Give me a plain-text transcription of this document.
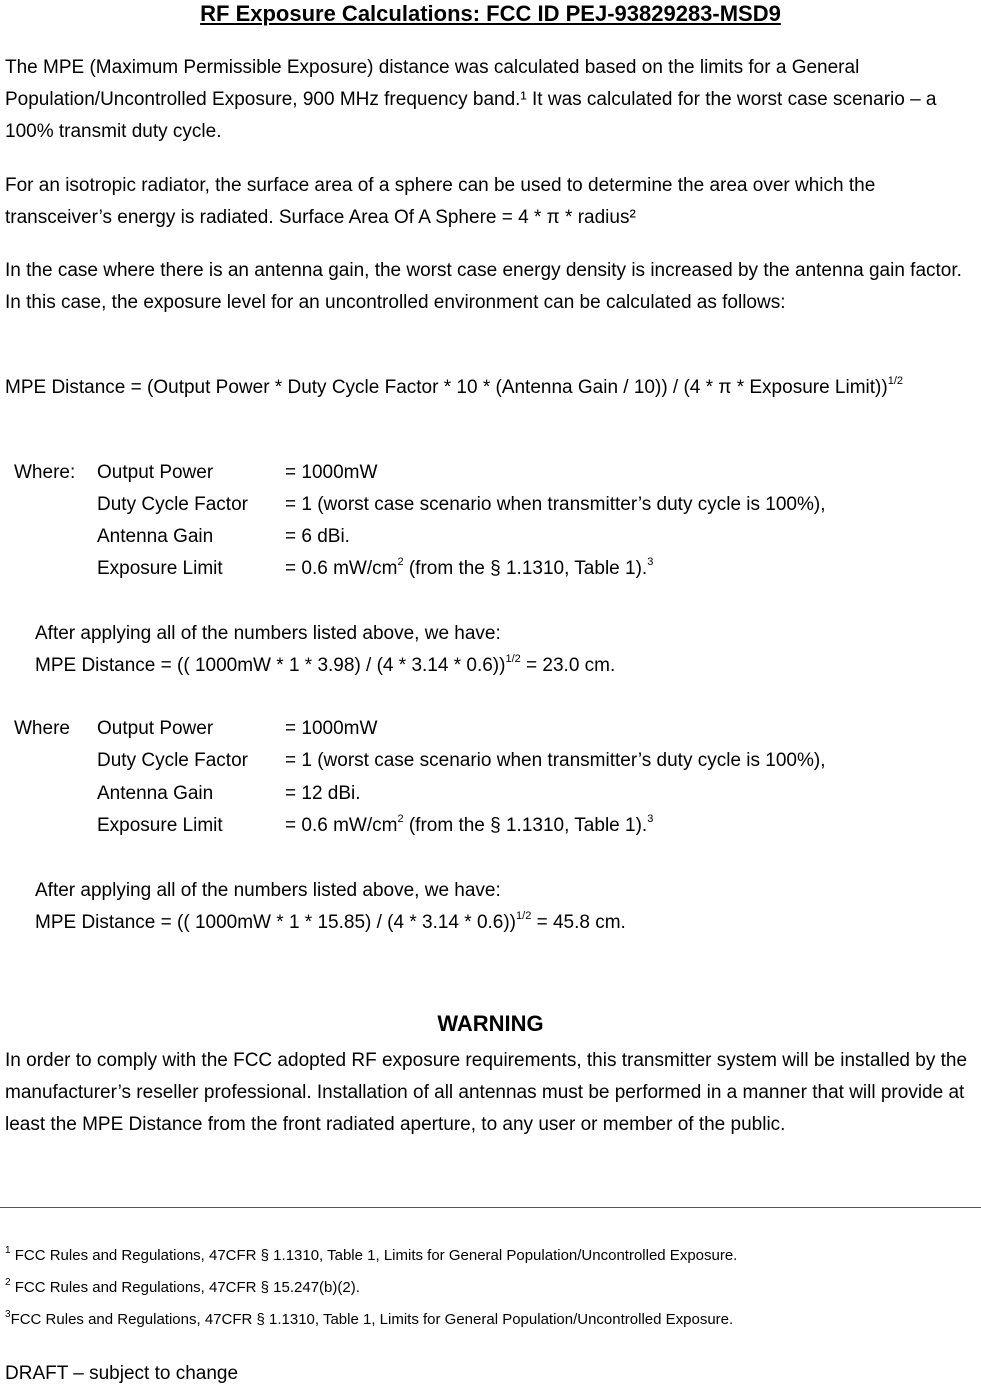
RF Exposure Calculations: FCC ID PEJ-93829283-MSD9
The MPE (Maximum Permissible Exposure) distance was calculated based on the limits for a General Population/Uncontrolled Exposure, 900 MHz frequency band.¹ It was calculated for the worst case scenario – a 100% transmit duty cycle.
For an isotropic radiator, the surface area of a sphere can be used to determine the area over which the transceiver’s energy is radiated. Surface Area Of A Sphere = 4 * π * radius²
In the case where there is an antenna gain, the worst case energy density is increased by the antenna gain factor. In this case, the exposure level for an uncontrolled environment can be calculated as follows:
MPE Distance = (Output Power * Duty Cycle Factor * 10 * (Antenna Gain / 10)) / (4 * π * Exposure Limit))$^{1/2}$
Where: Output Power	= 1000mW
Duty Cycle Factor = 1 (worst case scenario when transmitter’s duty cycle is 100%),
Antenna Gain	= 6 dBi.
Exposure Limit	= 0.6 $mW/cm^2$ (from the § 1.1310, Table 1).$^3$
After applying all of the numbers listed above, we have:
MPE Distance = (( 1000mW * 1 * 3.98) / (4 * 3.14 * 0.6))$^{1/2}$ = 23.0 cm.
Where Output Power	= 1000mW
Duty Cycle Factor = 1 (worst case scenario when transmitter’s duty cycle is 100%),
Antenna Gain	= 12 dBi.
Exposure Limit	= 0.6 $mW/cm^2$ (from the § 1.1310, Table 1).$^3$
After applying all of the numbers listed above, we have:
MPE Distance = (( 1000mW * 1 * 15.85) / (4 * 3.14 * 0.6))$^{1/2}$ = 45.8 cm.
WARNING
In order to comply with the FCC adopted RF exposure requirements, this transmitter system will be installed by the manufacturer’s reseller professional. Installation of all antennas must be performed in a manner that will provide at least the MPE Distance from the front radiated aperture, to any user or member of the public.
$^1$ FCC Rules and Regulations, 47CFR § 1.1310, Table 1, Limits for General Population/Uncontrolled Exposure.
$^2$ FCC Rules and Regulations, 47CFR § 15.247(b)(2).
$^3$FCC Rules and Regulations, 47CFR § 1.1310, Table 1, Limits for General Population/Uncontrolled Exposure.
DRAFT – subject to change
